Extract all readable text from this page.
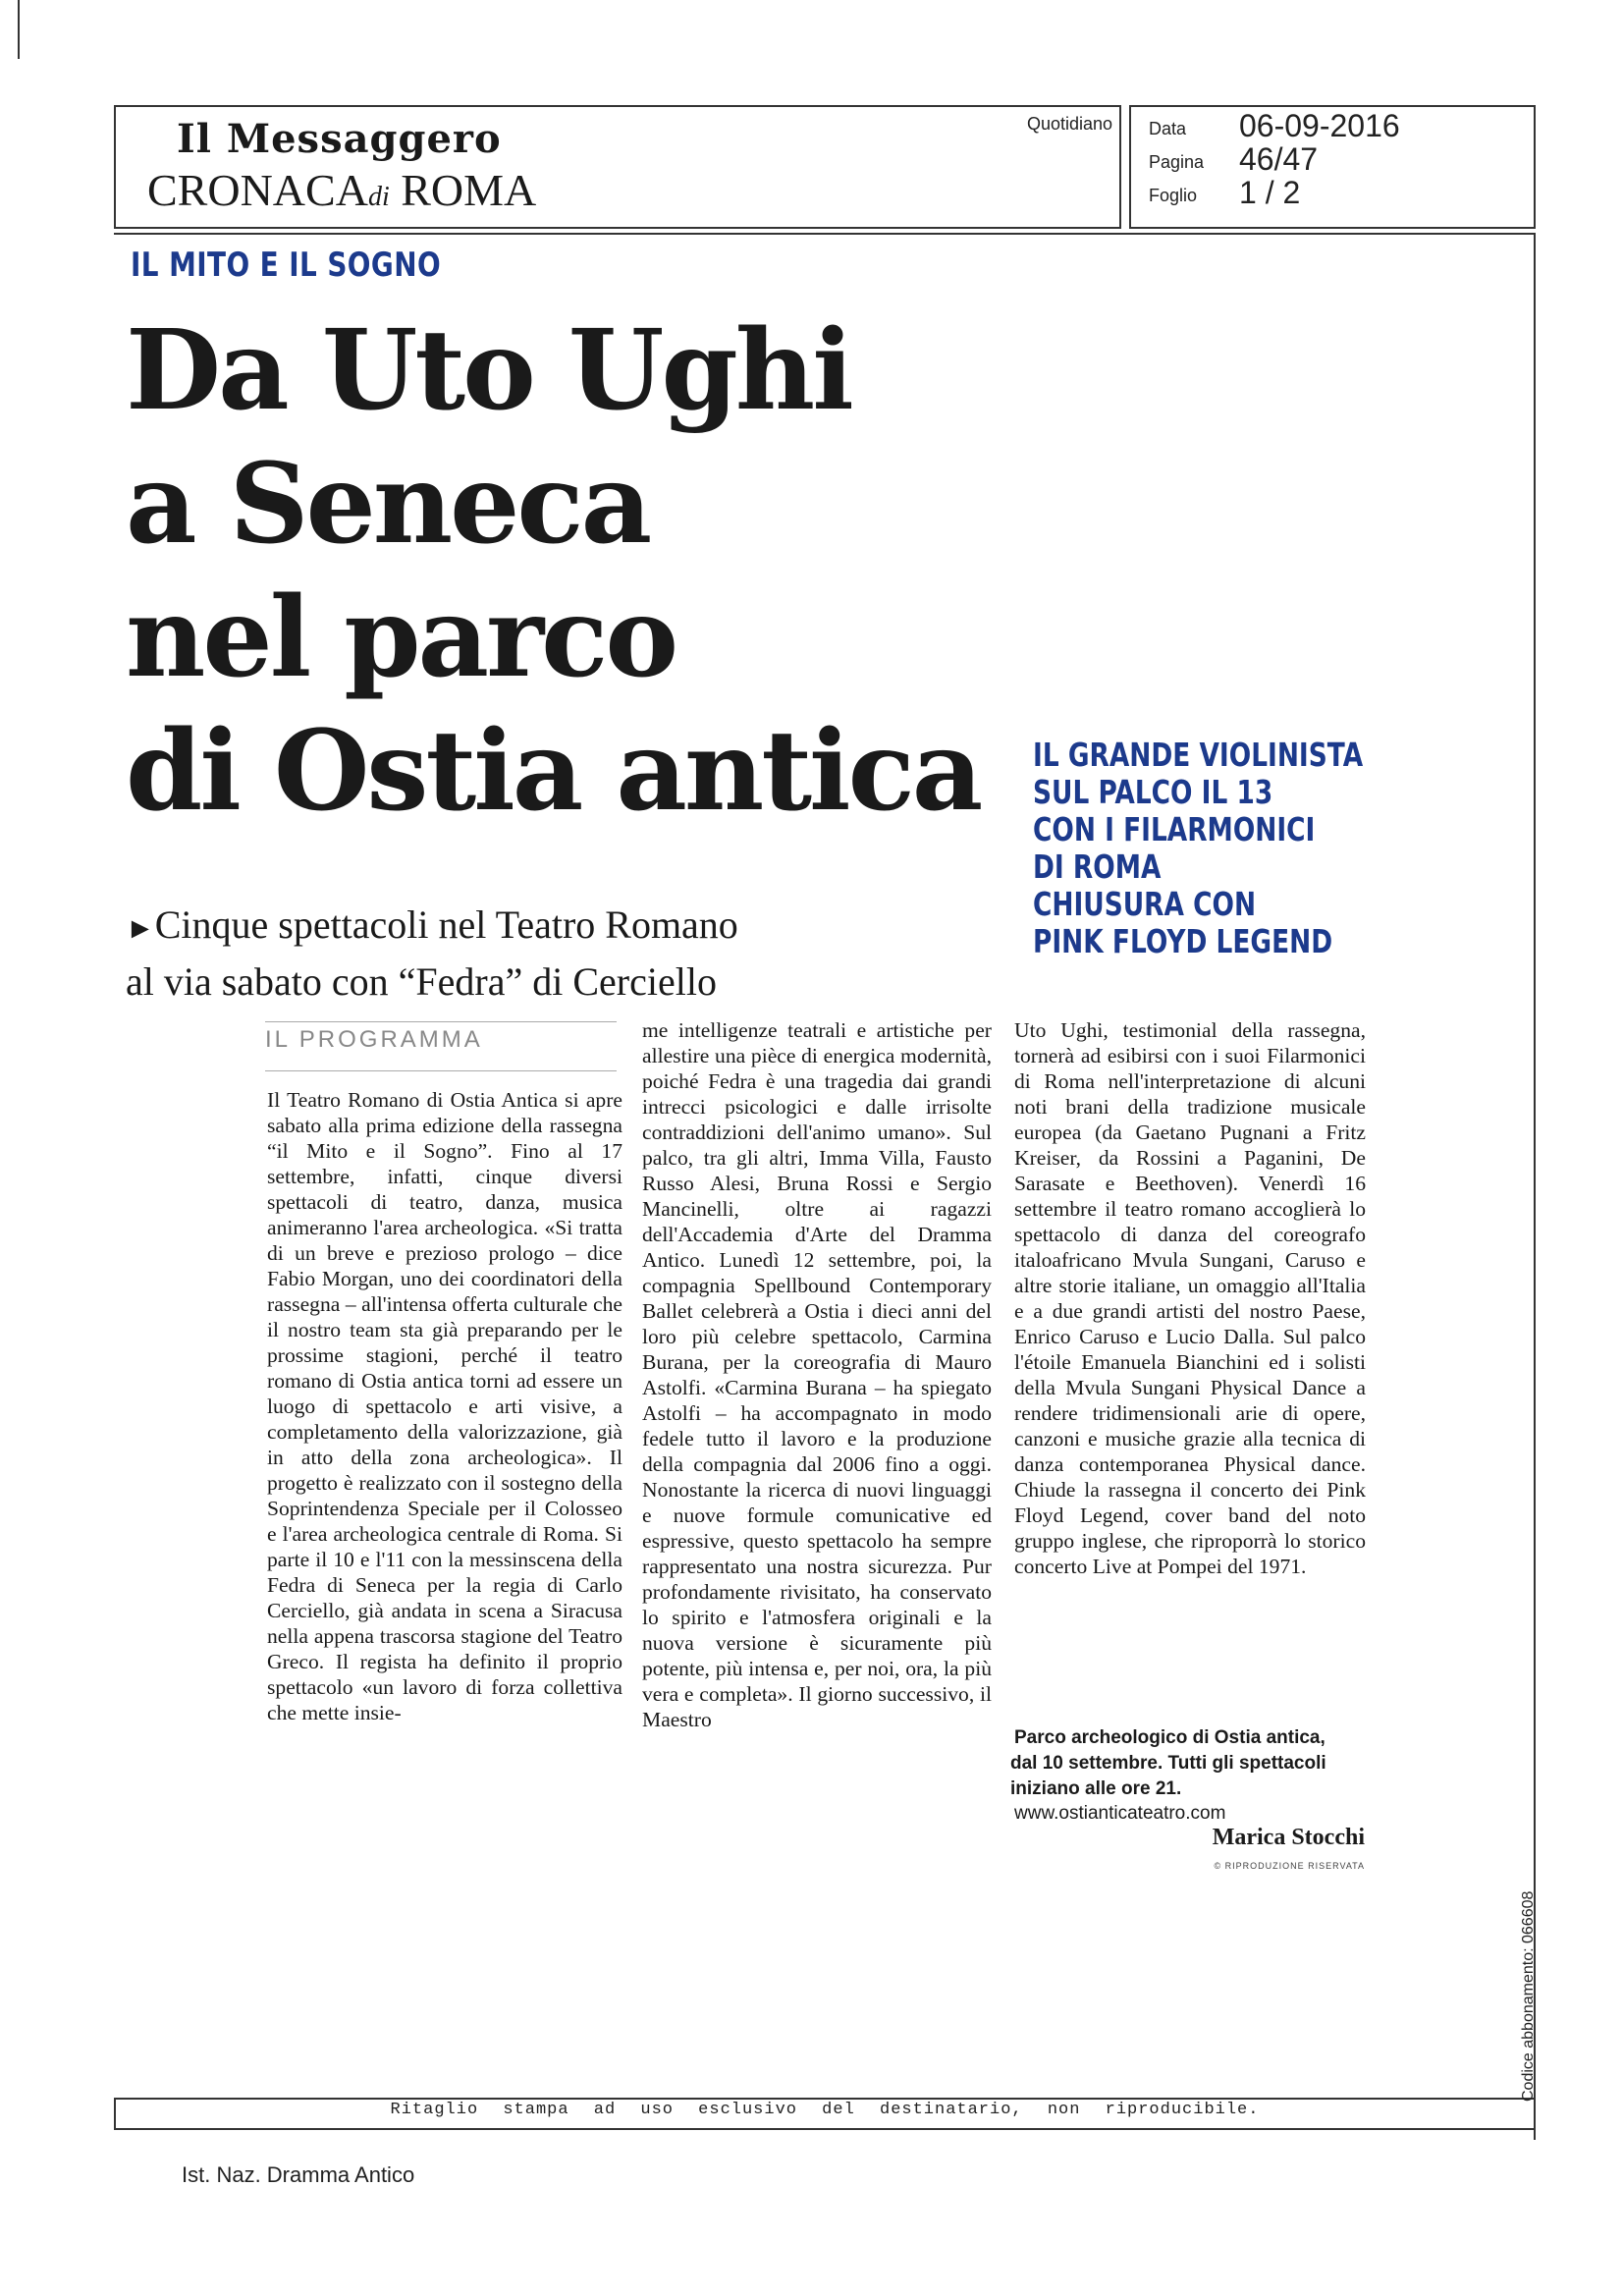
Il Messaggero
CRONACAdi ROMA
Quotidiano Data 06-09-2016
Pagina 46/47
Foglio 1 / 2
IL MITO E IL SOGNO
Da Uto Ughi
a Seneca
nel parco
di Ostia antica
►Cinque spettacoli nel Teatro Romano
al via sabato con “Fedra” di Cerciello
IL GRANDE VIOLINISTA
SUL PALCO IL 13
CON I FILARMONICI
DI ROMA
CHIUSURA CON
PINK FLOYD LEGEND
IL PROGRAMMA

Il Teatro Romano di Ostia Antica si apre sabato alla prima edizione della rassegna “il Mito e il Sogno”. Fino al 17 settembre, infatti, cinque diversi spettacoli di teatro, danza, musica animeranno l'area archeologica. «Si tratta di un breve e prezioso prologo – dice Fabio Morgan, uno dei coordinatori della rassegna – all'intensa offerta culturale che il nostro team sta già preparando per le prossime stagioni, perché il teatro romano di Ostia antica torni ad essere un luogo di spettacolo e arti visive, a completamento della valorizzazione, già in atto della zona archeologica». Il progetto è realizzato con il sostegno della Soprintendenza Speciale per il Colosseo e l'area archeologica centrale di Roma. Si parte il 10 e l'11 con la messinscena della Fedra di Seneca per la regia di Carlo Cerciello, già andata in scena a Siracusa nella appena trascorsa stagione del Teatro Greco. Il regista ha definito il proprio spettacolo «un lavoro di forza collettiva che mette insie-

me intelligenze teatrali e artistiche per allestire una pièce di energica modernità, poiché Fedra è una tragedia dai grandi intrecci psicologici e dalle irrisolte contraddizioni dell'animo umano». Sul palco, tra gli altri, Imma Villa, Fausto Russo Alesi, Bruna Rossi e Sergio Mancinelli, oltre ai ragazzi dell'Accademia d'Arte del Dramma Antico. Lunedì 12 settembre, poi, la compagnia Spellbound Contemporary Ballet celebrerà a Ostia i dieci anni del loro più celebre spettacolo, Carmina Burana, per la coreografia di Mauro Astolfi. «Carmina Burana – ha spiegato Astolfi – ha accompagnato in modo fedele tutto il lavoro e la produzione della compagnia dal 2006 fino a oggi. Nonostante la ricerca di nuovi linguaggi e nuove formule comunicative ed espressive, questo spettacolo ha sempre rappresentato una nostra sicurezza. Pur profondamente rivisitato, ha conservato lo spirito e l'atmosfera originali e la nuova versione è sicuramente più potente, più intensa e, per noi, ora, la più vera e completa». Il giorno successivo, il Maestro

Uto Ughi, testimonial della rassegna, tornerà ad esibirsi con i suoi Filarmonici di Roma nell'interpretazione di alcuni noti brani della tradizione musicale europea (da Gaetano Pugnani a Fritz Kreiser, da Rossini a Paganini, De Sarasate e Beethoven). Venerdì 16 settembre il teatro romano accoglierà lo spettacolo di danza del coreografo italoafricano Mvula Sungani, Caruso e altre storie italiane, un omaggio all'Italia e a due grandi artisti del nostro Paese, Enrico Caruso e Lucio Dalla. Sul palco l'étoile Emanuela Bianchini ed i solisti della Mvula Sungani Physical Dance a rendere tridimensionali arie di opere, canzoni e musiche grazie alla tecnica di danza contemporanea Physical dance. Chiude la rassegna il concerto dei Pink Floyd Legend, cover band del noto gruppo inglese, che riproporrà lo storico concerto Live at Pompei del 1971.

Parco archeologico di Ostia antica,
dal 10 settembre. Tutti gli spettacoli
iniziano alle ore 21.
www.ostianticateatro.com
Marica Stocchi
© RIPRODUZIONE RISERVATA
Ritaglio stampa ad uso esclusivo del destinatario, non riproducibile.
Codice abbonamento: 066608
Ist. Naz. Dramma Antico
